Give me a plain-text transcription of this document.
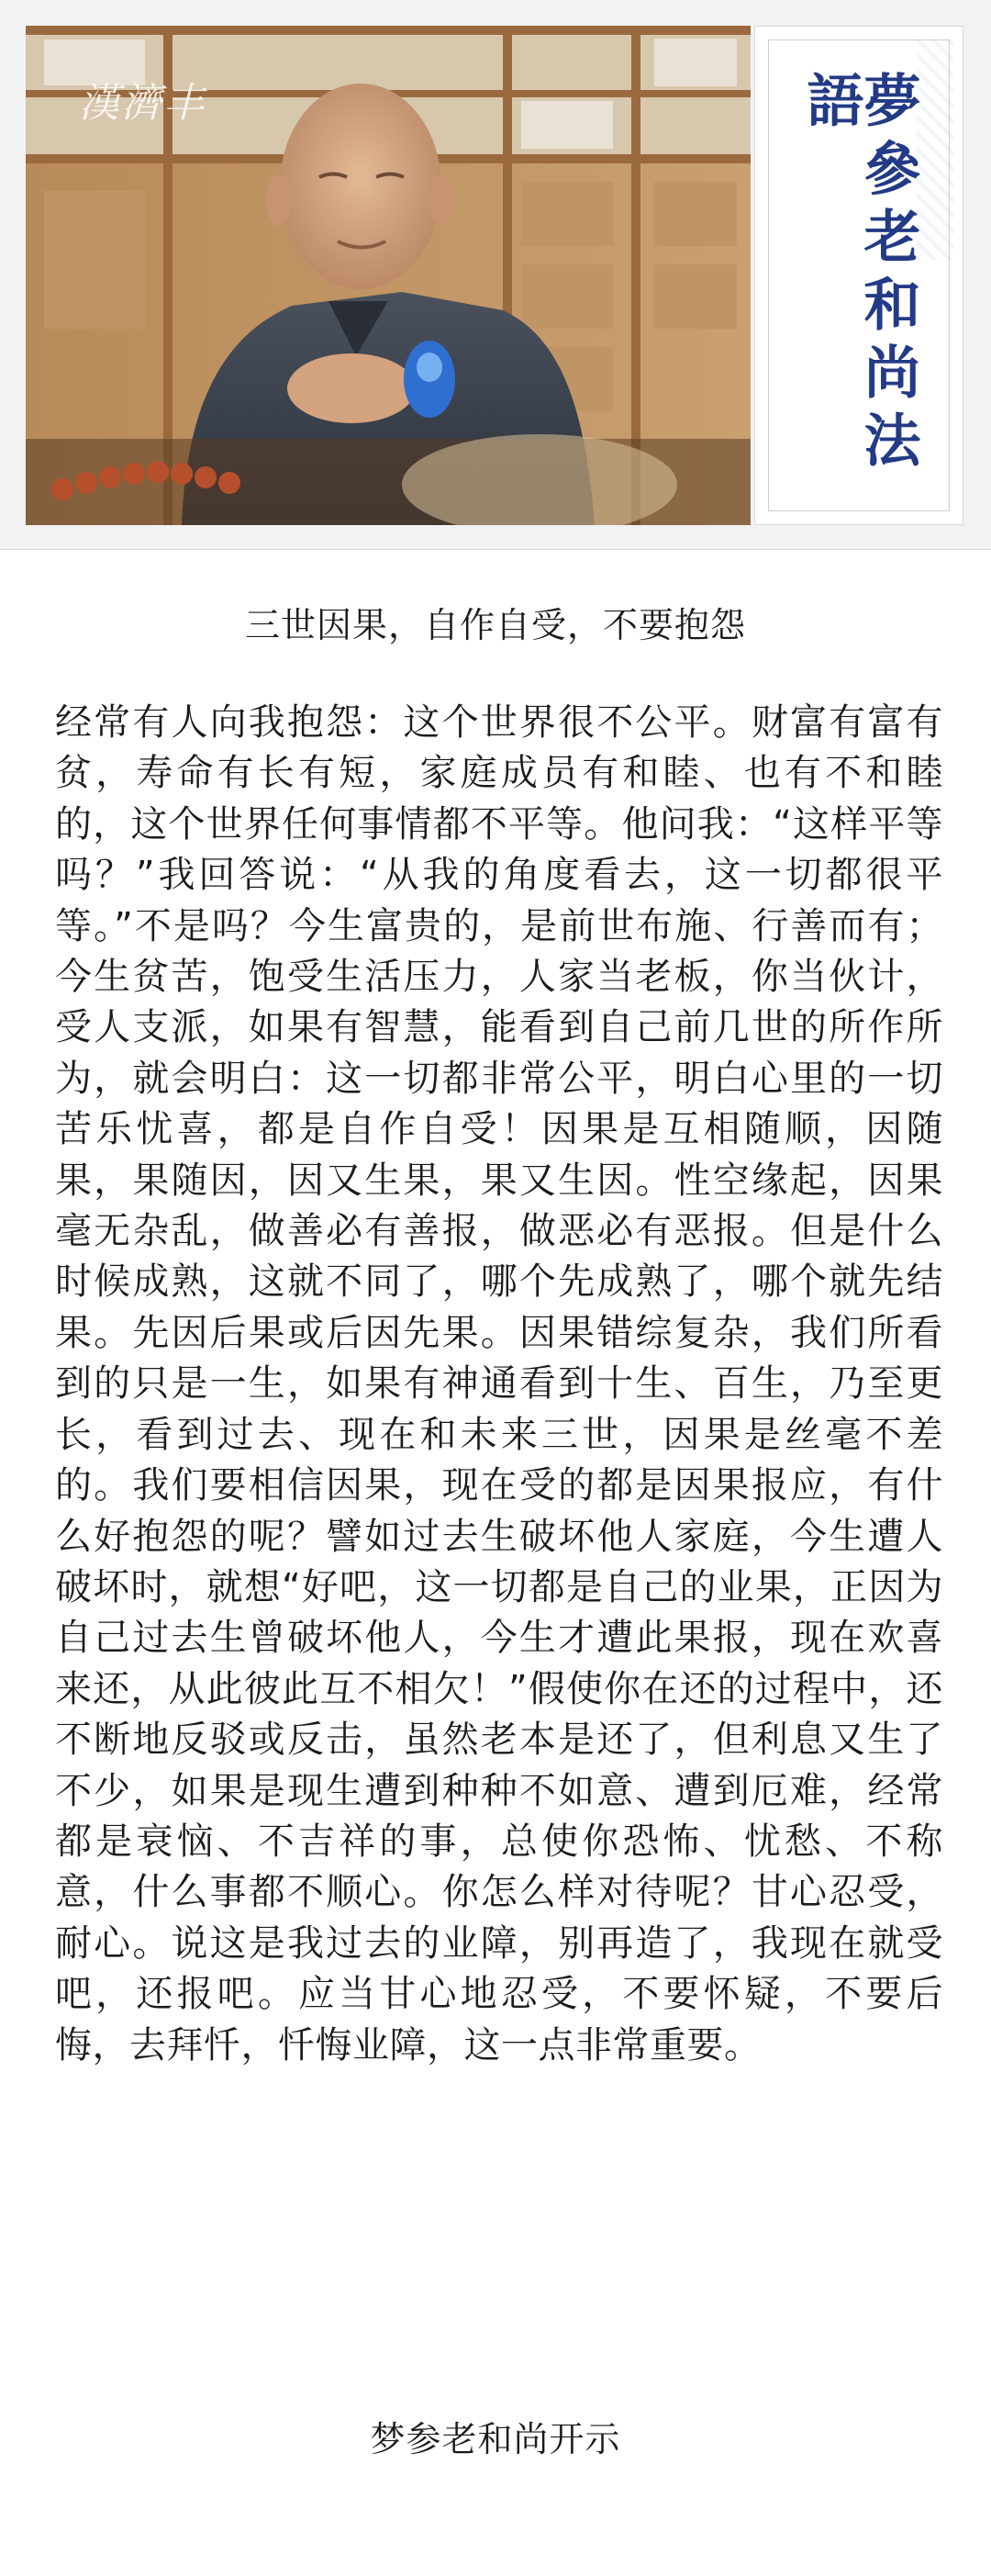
漢濟丰	夢參老和尚法語
三世因果，自作自受，不要抱怨

经常有人向我抱怨：这个世界很不公平。财富有富有贫，寿命有长有短，家庭成员有和睦、也有不和睦的，这个世界任何事情都不平等。他问我：“这样平等吗？”我回答说：“从我的角度看去，这一切都很平等。”不是吗？今生富贵的，是前世布施、行善而有；今生贫苦，饱受生活压力，人家当老板，你当伙计，受人支派，如果有智慧，能看到自己前几世的所作所为，就会明白：这一切都非常公平，明白心里的一切苦乐忧喜，都是自作自受！因果是互相随顺，因随果，果随因，因又生果，果又生因。性空缘起，因果毫无杂乱，做善必有善报，做恶必有恶报。但是什么时候成熟，这就不同了，哪个先成熟了，哪个就先结果。先因后果或后因先果。因果错综复杂，我们所看到的只是一生，如果有神通看到十生、百生，乃至更长，看到过去、现在和未来三世，因果是丝毫不差的。我们要相信因果，现在受的都是因果报应，有什么好抱怨的呢？譬如过去生破坏他人家庭，今生遭人破坏时，就想“好吧，这一切都是自己的业果，正因为自己过去生曾破坏他人，今生才遭此果报，现在欢喜来还，从此彼此互不相欠！”假使你在还的过程中，还不断地反驳或反击，虽然老本是还了，但利息又生了不少，如果是现生遭到种种不如意、遭到厄难，经常都是衰恼、不吉祥的事，总使你恐怖、忧愁、不称意，什么事都不顺心。你怎么样对待呢？甘心忍受，耐心。说这是我过去的业障，别再造了，我现在就受吧，还报吧。应当甘心地忍受，不要怀疑，不要后悔，去拜忏，忏悔业障，这一点非常重要。

梦参老和尚开示
